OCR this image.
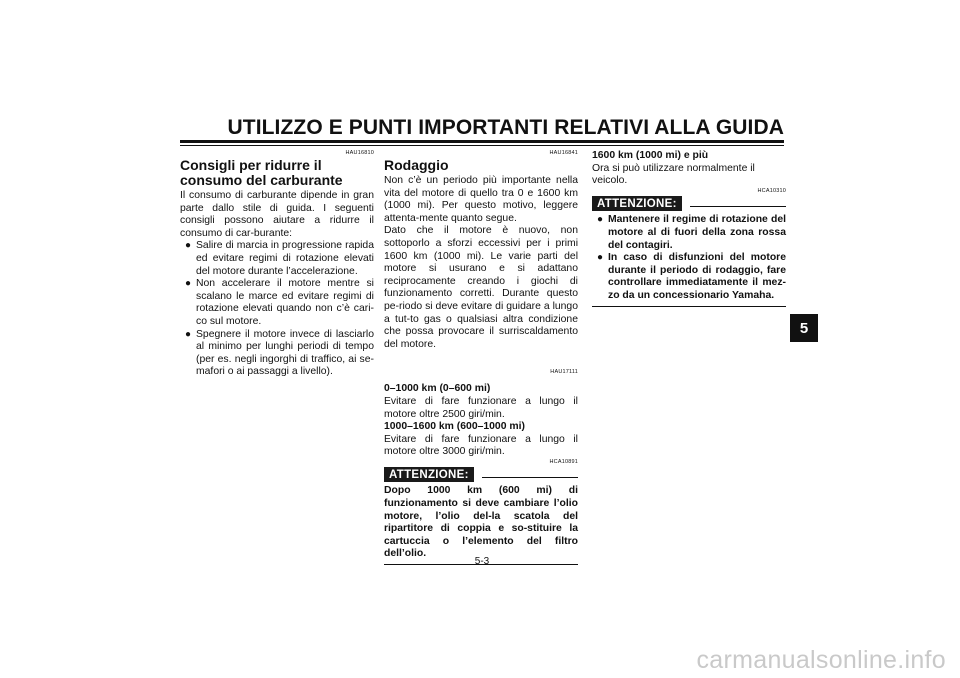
UTILIZZO E PUNTI IMPORTANTI RELATIVI ALLA GUIDA
5
HAU16810
Consigli per ridurre il consumo del carburante

Il consumo di carburante dipende in gran parte dallo stile di guida. I seguenti consigli possono aiutare a ridurre il consumo di car-burante:

● Salire di marcia in progressione rapida ed evitare regimi di rotazione elevati del motore durante l’accelerazione.
● Non accelerare il motore mentre si scalano le marce ed evitare regimi di rotazione elevati quando non c’è cari-co sul motore.
● Spegnere il motore invece di lasciarlo al minimo per lunghi periodi di tempo (per es. negli ingorghi di traffico, ai se-mafori o ai passaggi a livello).
HAU16841
Rodaggio

Non c’è un periodo più importante nella vita del motore di quello tra 0 e 1600 km (1000 mi). Per questo motivo, leggere attenta-mente quanto segue.

Dato che il motore è nuovo, non sottoporlo a sforzi eccessivi per i primi 1600 km (1000 mi). Le varie parti del motore si usurano e si adattano reciprocamente creando i giochi di funzionamento corretti. Durante questo pe-riodo si deve evitare di guidare a lungo a tut-to gas o qualsiasi altra condizione che possa provocare il surriscaldamento del motore.

HAU17111

0–1000 km (0–600 mi)

Evitare di fare funzionare a lungo il motore oltre 2500 giri/min.

1000–1600 km (600–1000 mi)

Evitare di fare funzionare a lungo il motore oltre 3000 giri/min.

HCA10891
ATTENZIONE:

Dopo 1000 km (600 mi) di funzionamento si deve cambiare l’olio motore, l’olio del-la scatola del ripartitore di coppia e so-stituire la cartuccia o l’elemento del filtro dell’olio.

1600 km (1000 mi) e più

Ora si può utilizzare normalmente il veicolo.

HCA10310
ATTENZIONE:
● Mantenere il regime di rotazione del motore al di fuori della zona rossa del contagiri.
● In caso di disfunzioni del motore durante il periodo di rodaggio, fare controllare immediatamente il mez-zo da un concessionario Yamaha.
5-3
carmanualsonline.info
